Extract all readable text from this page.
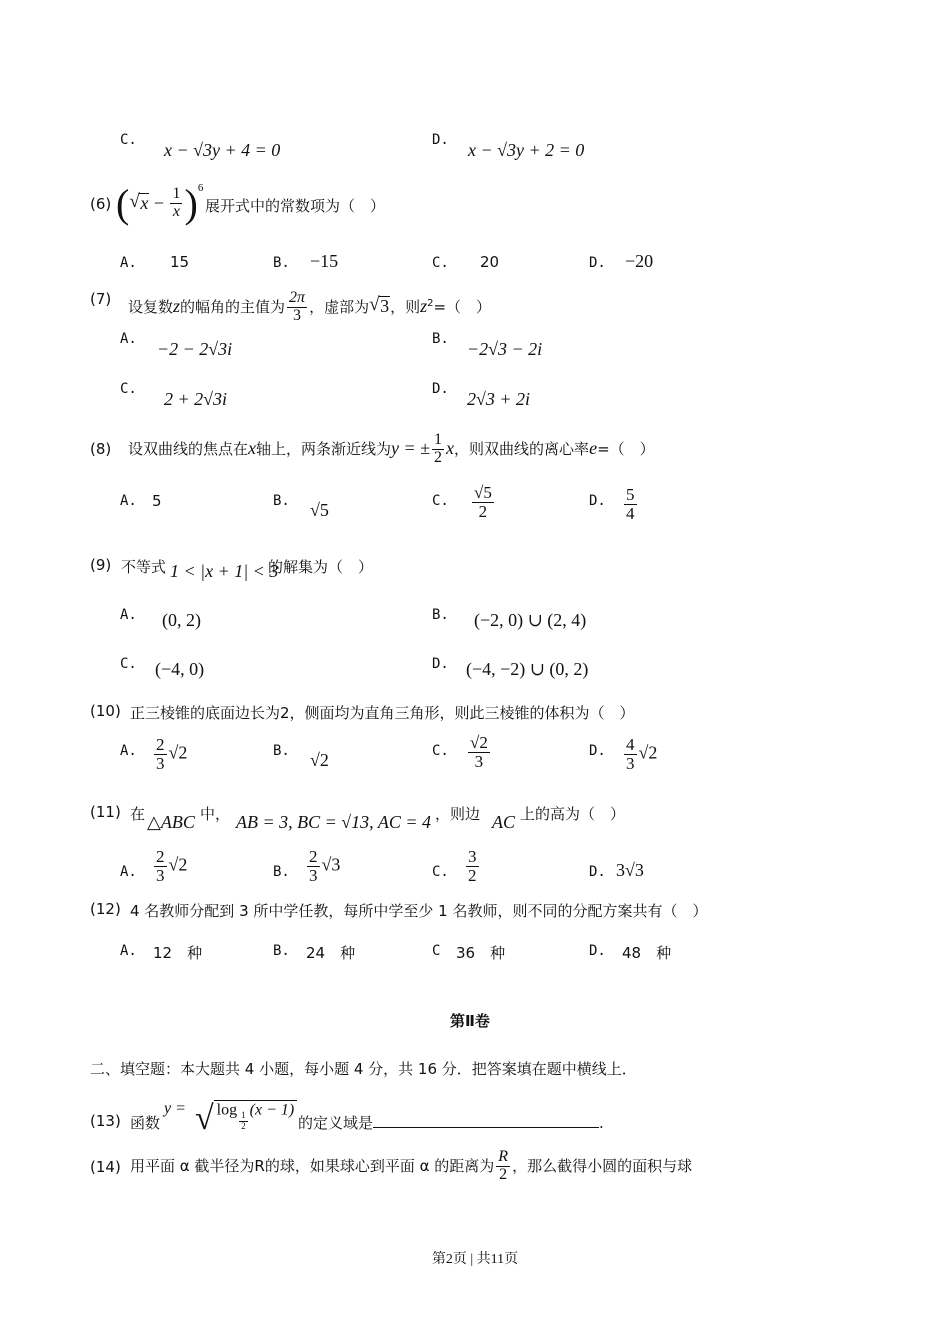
C. x − √3y + 4 = 0	D. x − √3y + 2 = 0
(6) ( √ $x - \frac{1}{x} )^6$
展开式中的常数项为（　）
A. 15	B. −15	C. 20	D. −20
(7) 设复数z的幅角的主值为 $\frac{2\pi}{3}$ ，虚部为 √ 3，则$z^2=$（　）
A. −2 − 2√3i	B. −2√3 − 2i
C. 2 + 2√3i	D. 2√3 + 2i
(8) 设双曲线的焦点在x轴上，两条渐近线为y = ± $\frac{1}{2}$ x，则双曲线的离心率e=（　）
A. 5	B. √5	C. $\frac{√5}{2}$	D. $\frac{5}{4}$
(9) 不等式 1 < |x + 1| < 3
的解集为（　）
A. (0, 2)	B. (−2, 0) ∪ (2, 4)
C. (−4, 0)	D. (−4, −2) ∪ (0, 2)
(10) 正三棱锥的底面边长为2，侧面均为直角三角形，则此三棱锥的体积为（　）
A. $\frac{2}{3} √2$	B. √2	C. $\frac{√2}{3}$	D. $\frac{4}{3} √2$
(11) 在 △ABC 中， AB = 3, BC = √13, AC = 4 ，则边 AC 上的高为（　）
A. $\frac{2}{3} √2$	B. $\frac{2}{3} √3$	C. $\frac{3}{2}$	D. 3√3
(12) 4 名教师分配到 3 所中学任教，每所中学至少 1 名教师，则不同的分配方案共有（　）
A. 12　种	B. 24　种	C 36　种	D. 48　种
第Ⅱ卷
二、填空题：本大题共 4 小题，每小题 4 分，共 16 分．把答案填在题中横线上．
(13) 函数
y = √ log
$\frac{1}{2}$
(x − 1)
的定义域是	.
(14) 用平面 α 截半径为R的球，如果球心到平面 α 的距离为 $\frac{R}{2}$ ，那么截得小圆的面积与球
第2页 | 共11页
